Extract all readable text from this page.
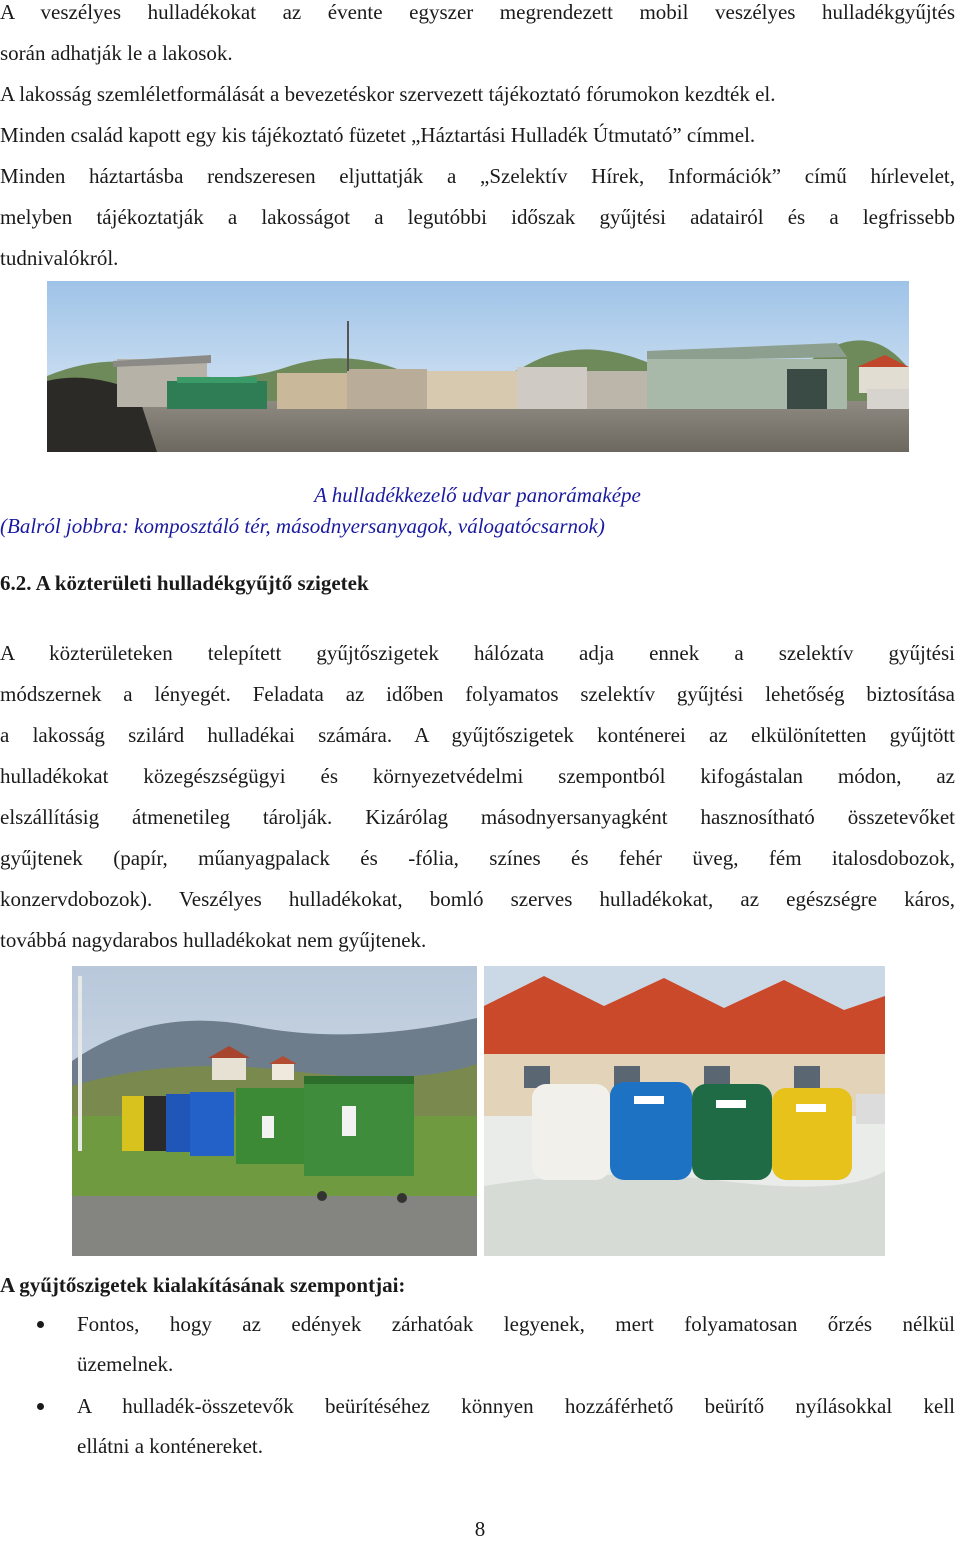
A veszélyes hulladékokat az évente egyszer megrendezett mobil veszélyes hulladékgyűjtés
során adhatják le a lakosok.
A lakosság szemléletformálását a bevezetéskor szervezett tájékoztató fórumokon kezdték el.
Minden család kapott egy kis tájékoztató füzetet „Háztartási Hulladék Útmutató” címmel.
Minden háztartásba rendszeresen eljuttatják a „Szelektív Hírek, Információk” című hírlevelet,
melyben tájékoztatják a lakosságot a legutóbbi időszak gyűjtési adatairól és a legfrissebb
tudnivalókról.
A hulladékkezelő udvar panorámaképe
(Balról jobbra: komposztáló tér, másodnyersanyagok, válogatócsarnok)
6.2. A közterületi hulladékgyűjtő szigetek
A közterületeken telepített gyűjtőszigetek hálózata adja ennek a szelektív gyűjtési
módszernek a lényegét. Feladata az időben folyamatos szelektív gyűjtési lehetőség biztosítása
a lakosság szilárd hulladékai számára. A gyűjtőszigetek konténerei az elkülönítetten gyűjtött
hulladékokat közegészségügyi és környezetvédelmi szempontból kifogástalan módon, az
elszállításig átmenetileg tárolják. Kizárólag másodnyersanyagként hasznosítható összetevőket
gyűjtenek (papír, műanyagpalack és -fólia, színes és fehér üveg, fém italosdobozok,
konzervdobozok). Veszélyes hulladékokat, bomló szerves hulladékokat, az egészségre káros,
továbbá nagydarabos hulladékokat nem gyűjtenek.
A gyűjtőszigetek kialakításának szempontjai:
Fontos, hogy az edények zárhatóak legyenek, mert folyamatosan őrzés nélkül
üzemelnek.
A hulladék-összetevők beürítéséhez könnyen hozzáférhető beürítő nyílásokkal kell
ellátni a konténereket.
8
